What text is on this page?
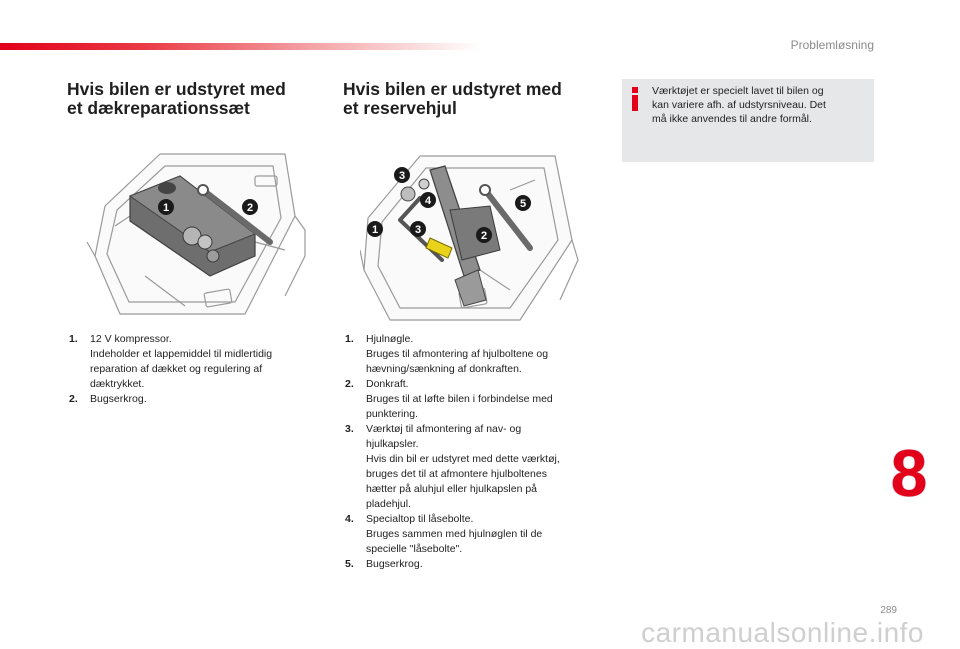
Problemløsning
Hvis bilen er udstyret med
et dækreparationssæt
Hvis bilen er udstyret med
et reservehjul
Værktøjet er specielt lavet til bilen og
kan variere afh. af udstyrsniveau. Det
må ikke anvendes til andre formål.
1	2
3
4	5
1	3	2
1. 12 V kompressor.
Indeholder et lappemiddel til midlertidig
reparation af dækket og regulering af
dæktrykket.
2. Bugserkrog.
1. Hjulnøgle.
Bruges til afmontering af hjulboltene og
hævning/sænkning af donkraften.
2. Donkraft.
Bruges til at løfte bilen i forbindelse med
punktering.
3. Værktøj til afmontering af nav- og
hjulkapsler.
Hvis din bil er udstyret med dette værktøj,
bruges det til at afmontere hjulboltenes
hætter på aluhjul eller hjulkapslen på
pladehjul.
4. Specialtop til låsebolte.
Bruges sammen med hjulnøglen til de
specielle "låsebolte".
5. Bugserkrog.
8
289
carmanualsonline.info
